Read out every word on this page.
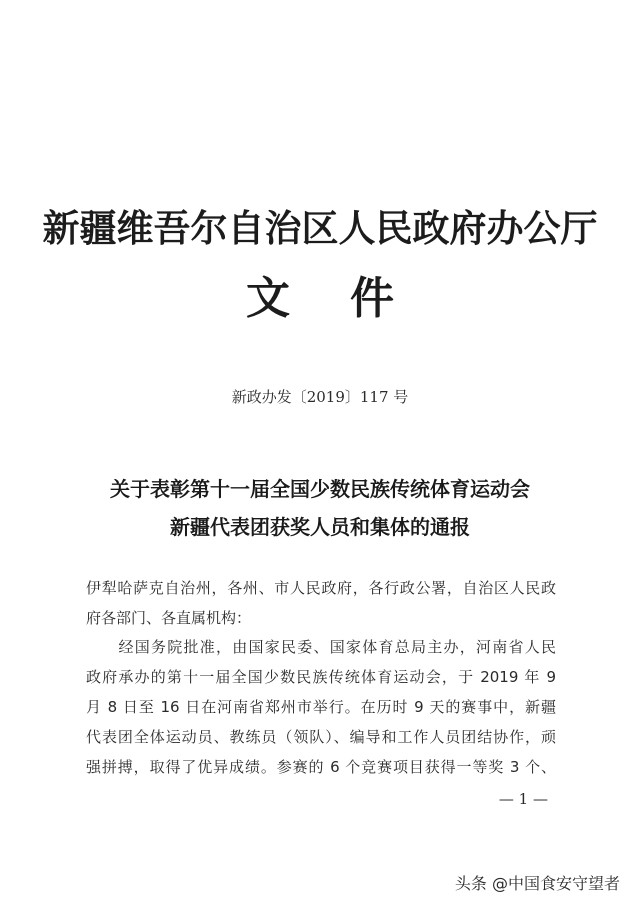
新疆维吾尔自治区人民政府办公厅
文 件
新政办发〔2019〕117 号
关于表彰第十一届全国少数民族传统体育运动会
新疆代表团获奖人员和集体的通报
伊犁哈萨克自治州，各州、市人民政府，各行政公署，自治区人民政
府各部门、各直属机构：
　　经国务院批准，由国家民委、国家体育总局主办，河南省人民
政府承办的第十一届全国少数民族传统体育运动会，于 2019 年 9
月 8 日至 16 日在河南省郑州市举行。在历时 9 天的赛事中，新疆
代表团全体运动员、教练员（领队）、编导和工作人员团结协作，顽
强拼搏，取得了优异成绩。参赛的 6 个竞赛项目获得一等奖 3 个、
— 1 —
头条 @中国食安守望者
